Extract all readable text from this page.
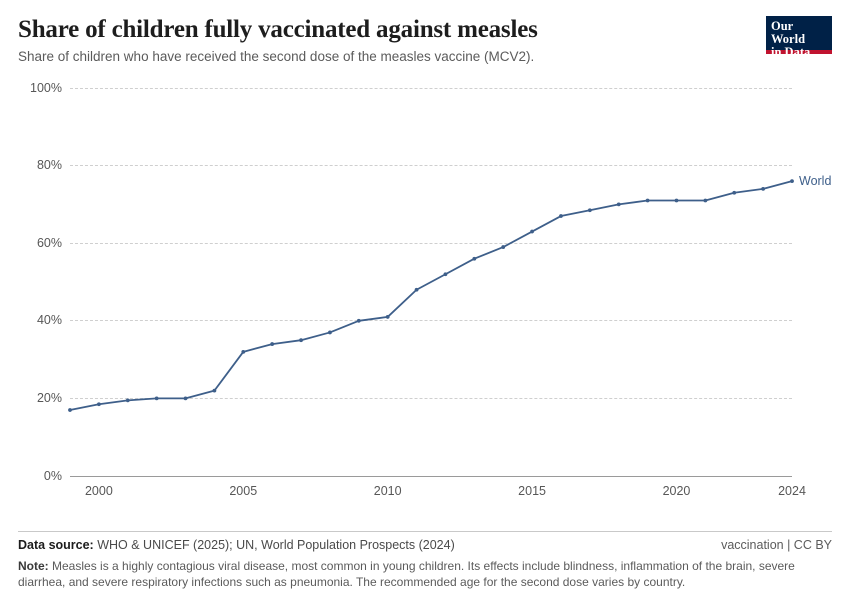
Share of children fully vaccinated against measles

Share of children who have received the second dose of the measles vaccine (MCV2).

Our World
in Data
0%
20%
40%
60%
80%
100%
2000	2005	2010	2015	2020	2024
World
Data source: WHO & UNICEF (2025); UN, World Population Prospects (2024)	vaccination | CC BY
Note: Measles is a highly contagious viral disease, most common in young children. Its effects include blindness, inflammation of the brain, severe diarrhea, and severe respiratory infections such as pneumonia. The recommended age for the second dose varies by country.
